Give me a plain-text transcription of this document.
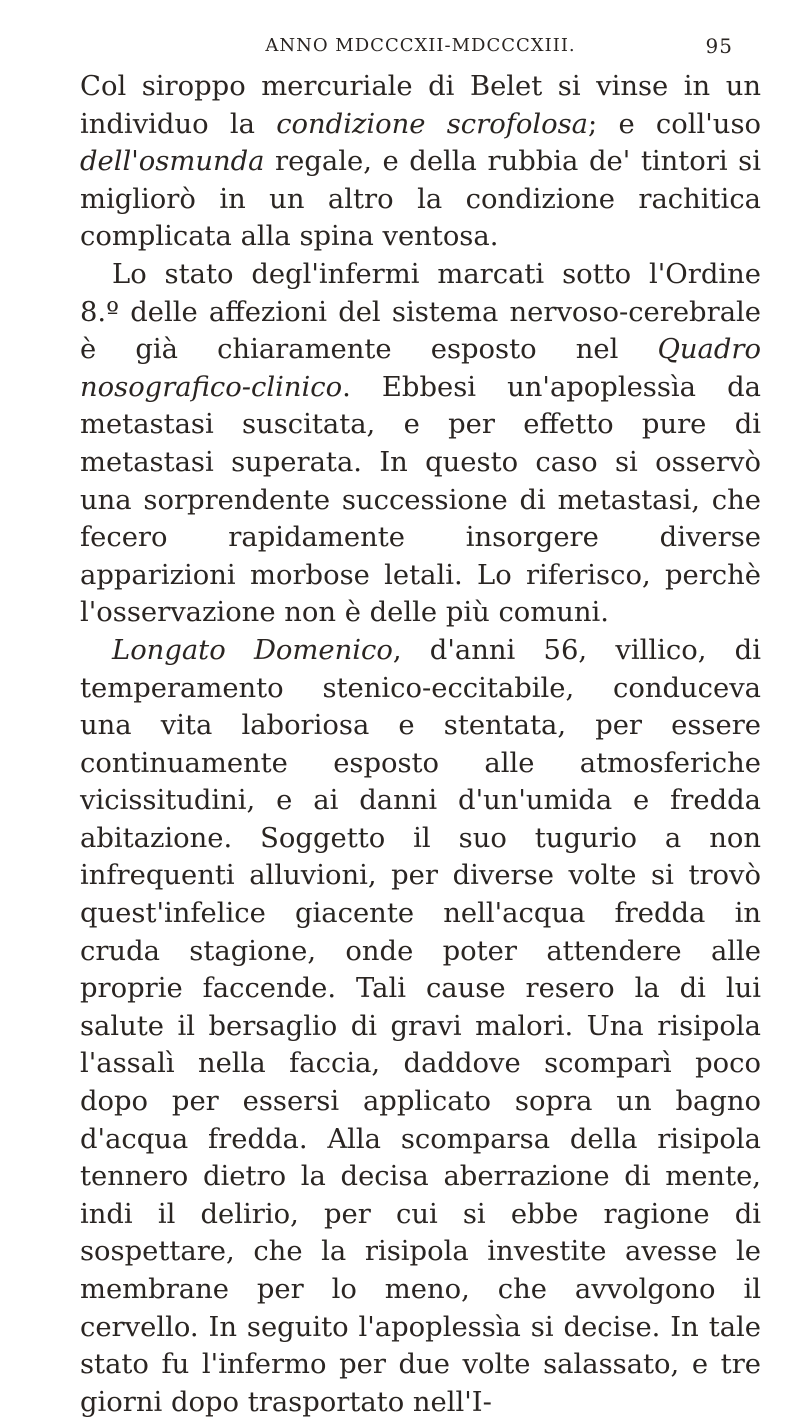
ANNO MDCCCXII-MDCCCXIII.	95

Col siroppo mercuriale di Belet si vinse in un individuo la condizione scrofolosa; e coll'uso dell'osmunda regale, e della rubbia de' tintori si migliorò in un altro la condizione rachitica complicata alla spina ventosa.

Lo stato degl'infermi marcati sotto l'Ordine 8.º delle affezioni del sistema nervoso-cerebrale è già chiaramente esposto nel Quadro nosografico-clinico. Ebbesi un'apoplessìa da metastasi suscitata, e per effetto pure di metastasi superata. In questo caso si osservò una sorprendente successione di metastasi, che fecero rapidamente insorgere diverse apparizioni morbose letali. Lo riferisco, perchè l'osservazione non è delle più comuni.

Longato Domenico, d'anni 56, villico, di temperamento stenico-eccitabile, conduceva una vita laboriosa e stentata, per essere continuamente esposto alle atmosferiche vicissitudini, e ai danni d'un'umida e fredda abitazione. Soggetto il suo tugurio a non infrequenti alluvioni, per diverse volte si trovò quest'infelice giacente nell'acqua fredda in cruda stagione, onde poter attendere alle proprie faccende. Tali cause resero la di lui salute il bersaglio di gravi malori. Una risipola l'assalì nella faccia, daddove scomparì poco dopo per essersi applicato sopra un bagno d'acqua fredda. Alla scomparsa della risipola tennero dietro la decisa aberrazione di mente, indi il delirio, per cui si ebbe ragione di sospettare, che la risipola investite avesse le membrane per lo meno, che avvolgono il cervello. In seguito l'apoplessìa si decise. In tale stato fu l'infermo per due volte salassato, e tre giorni dopo trasportato nell'I-
